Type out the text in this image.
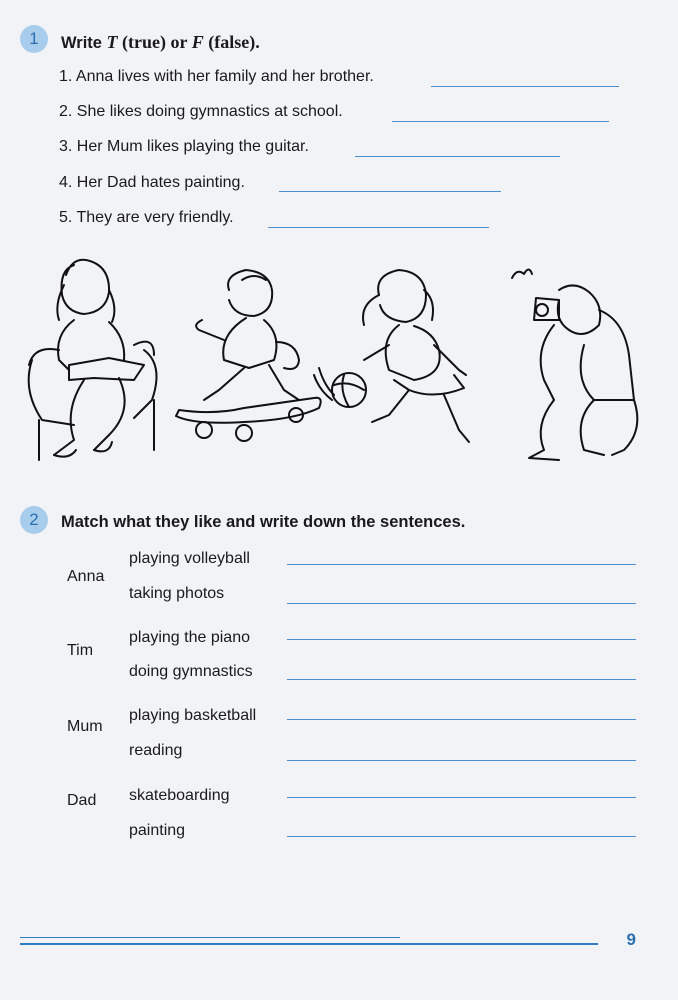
1	Write T (true) or F (false).
1. Anna lives with her family and her brother.
2. She likes doing gymnastics at school.
3. Her Mum likes playing the guitar.
4. Her Dad hates painting.
5. They are very friendly.
2	Match what they like and write down the sentences.
Anna
playing volleyball
taking photos
Tim
playing the piano
doing gymnastics
Mum
playing basketball
reading
Dad skateboarding
painting
9
